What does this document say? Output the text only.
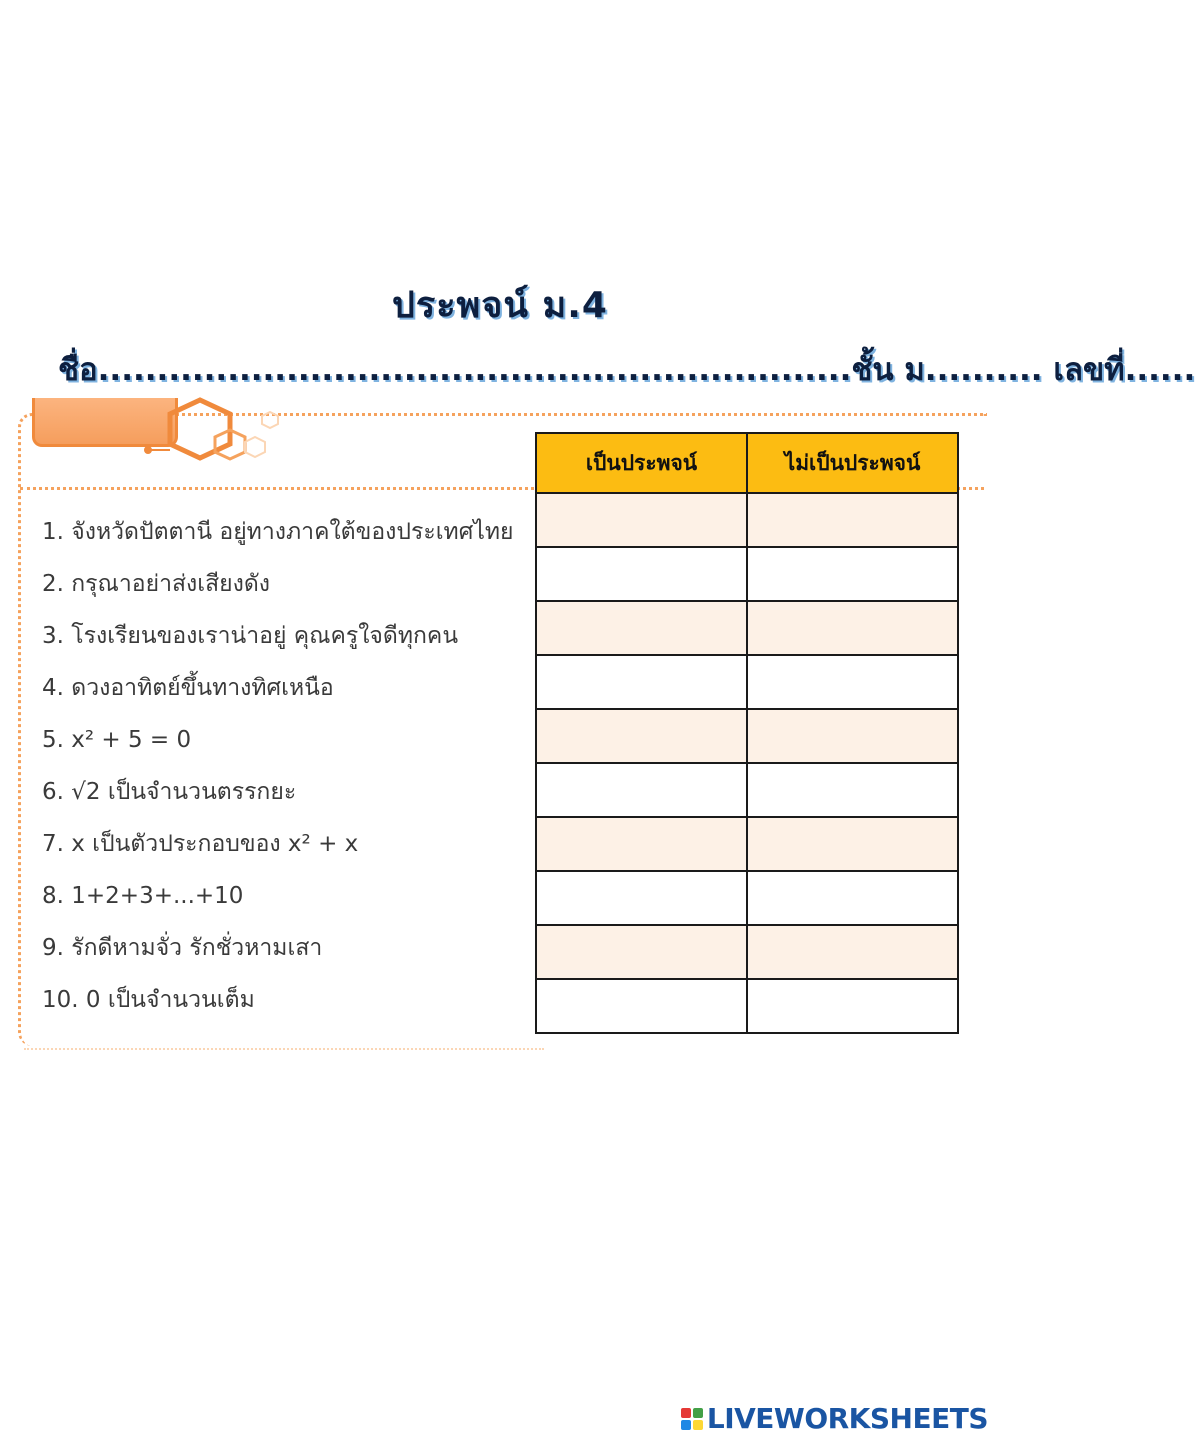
ประพจน์ ม.4
ชื่อ................................................................ชั้น ม.......... เลขที่......
1. จังหวัดปัตตานี อยู่ทางภาคใต้ของประเทศไทย
2. กรุณาอย่าส่งเสียงดัง
3. โรงเรียนของเราน่าอยู่ คุณครูใจดีทุกคน
4. ดวงอาทิตย์ขึ้นทางทิศเหนือ
5. x² + 5 = 0
6. √2 เป็นจำนวนตรรกยะ
7. x เป็นตัวประกอบของ x² + x
8. 1+2+3+...+10
9. รักดีหามจั่ว รักชั่วหามเสา
10. 0 เป็นจำนวนเต็ม
เป็นประพจน์	ไม่เป็นประพจน์

LIVEWORKSHEETS
